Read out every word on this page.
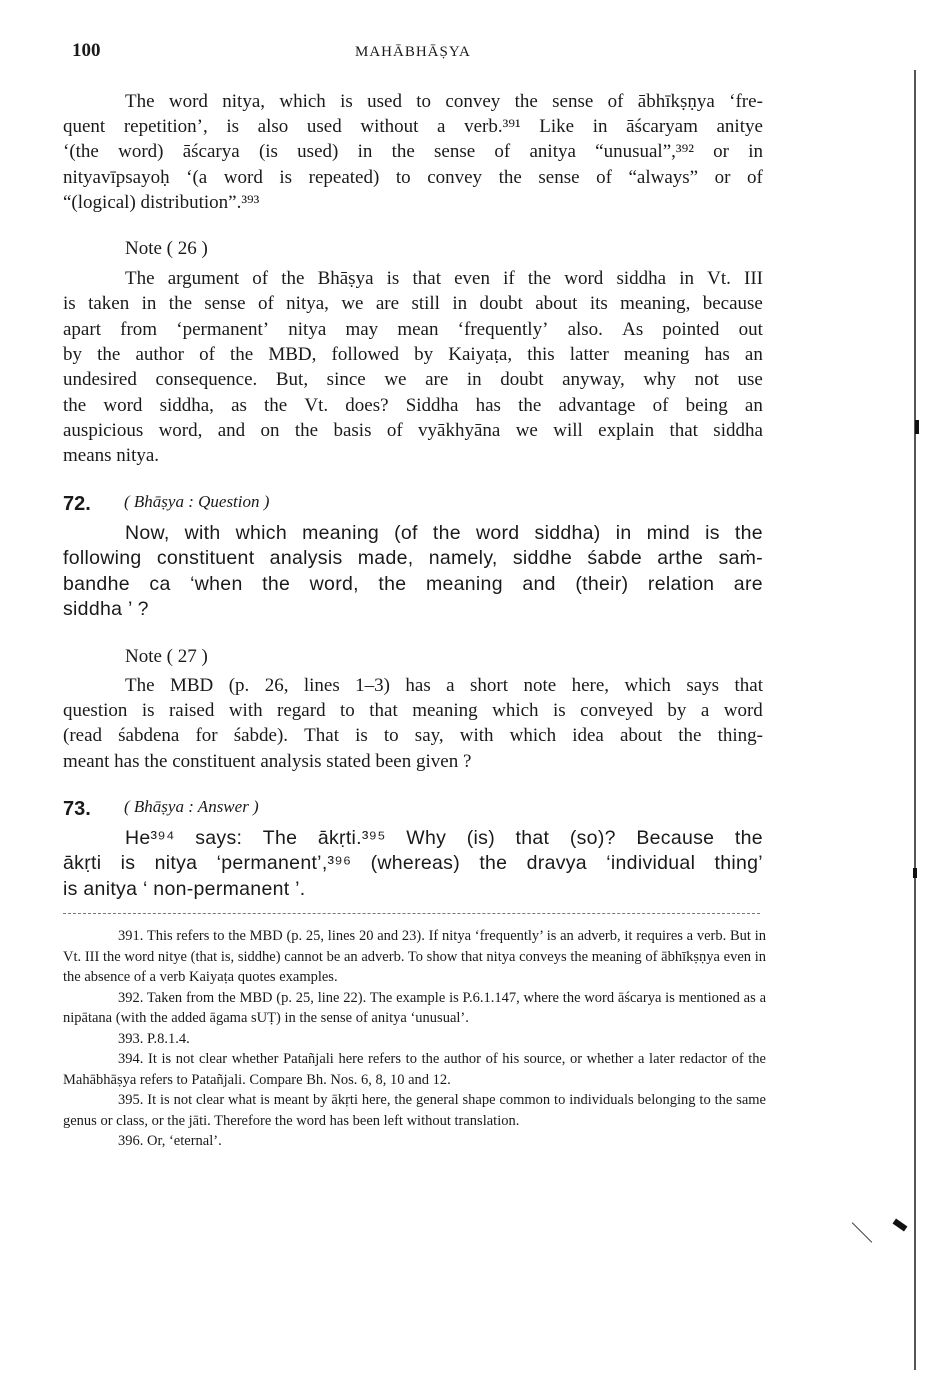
100	MAHĀBHĀṢYA
The word nitya, which is used to convey the sense of ābhīkṣṇya ‘fre-
quent repetition’, is also used without a verb.³⁹¹ Like in āścaryam anitye
‘(the word) āścarya (is used) in the sense of anitya “unusual”,³⁹² or in
nityavīpsayoḥ ‘(a word is repeated) to convey the sense of “always” or of
“(logical) distribution”.³⁹³
Note ( 26 )
The argument of the Bhāṣya is that even if the word siddha in Vt. III
is taken in the sense of nitya, we are still in doubt about its meaning, because
apart from ‘permanent’ nitya may mean ‘frequently’ also. As pointed out
by the author of the MBD, followed by Kaiyaṭa, this latter meaning has an
undesired consequence. But, since we are in doubt anyway, why not use
the word siddha, as the Vt. does? Siddha has the advantage of being an
auspicious word, and on the basis of vyākhyāna we will explain that siddha
means nitya.
72. ( Bhāṣya : Question )
Now, with which meaning (of the word siddha) in mind is the
following constituent analysis made, namely, siddhe śabde arthe saṁ-
bandhe ca ‘when the word, the meaning and (their) relation are
siddha ’ ?
Note ( 27 )
The MBD (p. 26, lines 1–3) has a short note here, which says that
question is raised with regard to that meaning which is conveyed by a word
(read śabdena for śabde). That is to say, with which idea about the thing-
meant has the constituent analysis stated been given ?
73. ( Bhāṣya : Answer )
He³⁹⁴ says: The ākṛti.³⁹⁵ Why (is) that (so)? Because the
ākṛti is nitya ‘permanent’,³⁹⁶ (whereas) the dravya ‘individual thing’
is anitya ‘ non-permanent ’.

391. This refers to the MBD (p. 25, lines 20 and 23). If nitya ‘frequently’ is an adverb, it requires a verb. But in Vt. III the word nitye (that is, siddhe) cannot be an adverb. To show that nitya conveys the meaning of ābhīkṣṇya even in the absence of a verb Kaiyaṭa quotes examples.

392. Taken from the MBD (p. 25, line 22). The example is P.6.1.147, where the word āścarya is mentioned as a nipātana (with the added āgama sUṬ) in the sense of anitya ‘unusual’.

393. P.8.1.4.

394. It is not clear whether Patañjali here refers to the author of his source, or whether a later redactor of the Mahābhāṣya refers to Patañjali. Compare Bh. Nos. 6, 8, 10 and 12.

395. It is not clear what is meant by ākṛti here, the general shape common to individuals belonging to the same genus or class, or the jāti. Therefore the word has been left without translation.

396. Or, ‘eternal’.
